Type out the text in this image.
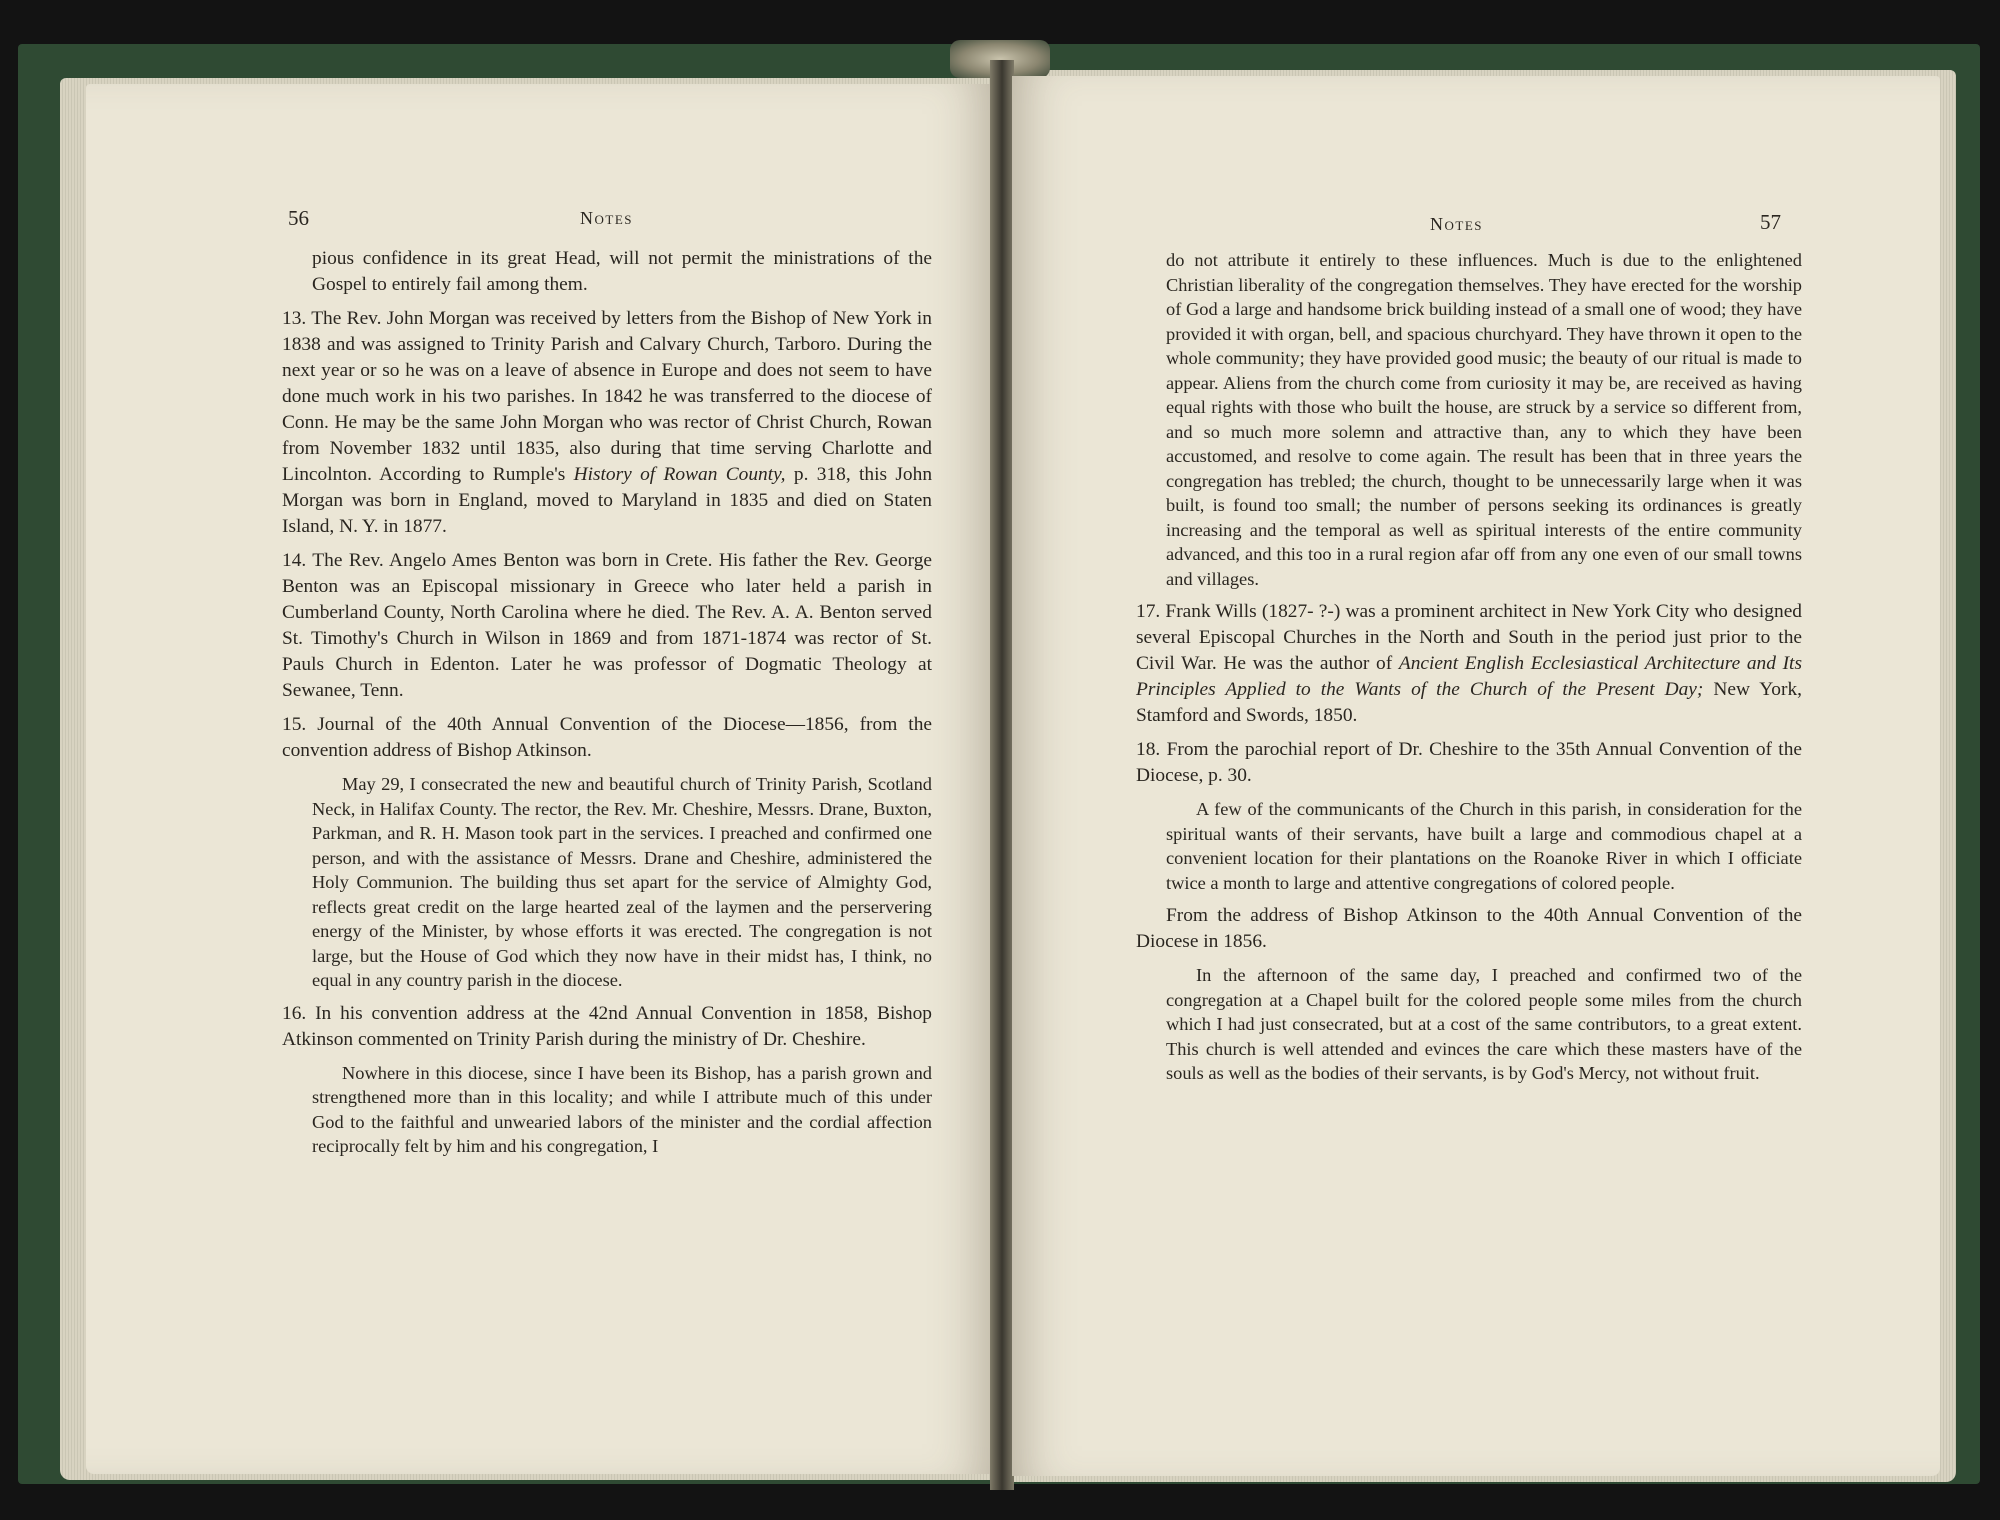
56	Notes

pious confidence in its great Head, will not permit the ministrations of the Gospel to entirely fail among them.

13. The Rev. John Morgan was received by letters from the Bishop of New York in 1838 and was assigned to Trinity Parish and Calvary Church, Tarboro. During the next year or so he was on a leave of absence in Europe and does not seem to have done much work in his two parishes. In 1842 he was transferred to the diocese of Conn. He may be the same John Morgan who was rector of Christ Church, Rowan from November 1832 until 1835, also during that time serving Charlotte and Lincolnton. According to Rumple's History of Rowan County, p. 318, this John Morgan was born in England, moved to Maryland in 1835 and died on Staten Island, N. Y. in 1877.

14. The Rev. Angelo Ames Benton was born in Crete. His father the Rev. George Benton was an Episcopal missionary in Greece who later held a parish in Cumberland County, North Carolina where he died. The Rev. A. A. Benton served St. Timothy's Church in Wilson in 1869 and from 1871-1874 was rector of St. Pauls Church in Edenton. Later he was professor of Dogmatic Theology at Sewanee, Tenn.

15. Journal of the 40th Annual Convention of the Diocese—1856, from the convention address of Bishop Atkinson.

May 29, I consecrated the new and beautiful church of Trinity Parish, Scotland Neck, in Halifax County. The rector, the Rev. Mr. Cheshire, Messrs. Drane, Buxton, Parkman, and R. H. Mason took part in the services. I preached and confirmed one person, and with the assistance of Messrs. Drane and Cheshire, administered the Holy Communion. The building thus set apart for the service of Almighty God, reflects great credit on the large hearted zeal of the laymen and the perservering energy of the Minister, by whose efforts it was erected. The congregation is not large, but the House of God which they now have in their midst has, I think, no equal in any country parish in the diocese.

16. In his convention address at the 42nd Annual Convention in 1858, Bishop Atkinson commented on Trinity Parish during the ministry of Dr. Cheshire.

Nowhere in this diocese, since I have been its Bishop, has a parish grown and strengthened more than in this locality; and while I attribute much of this under God to the faithful and unwearied labors of the minister and the cordial affection reciprocally felt by him and his congregation, I

Notes	57

do not attribute it entirely to these influences. Much is due to the enlightened Christian liberality of the congregation themselves. They have erected for the worship of God a large and handsome brick building instead of a small one of wood; they have provided it with organ, bell, and spacious churchyard. They have thrown it open to the whole community; they have provided good music; the beauty of our ritual is made to appear. Aliens from the church come from curiosity it may be, are received as having equal rights with those who built the house, are struck by a service so different from, and so much more solemn and attractive than, any to which they have been accustomed, and resolve to come again. The result has been that in three years the congregation has trebled; the church, thought to be unnecessarily large when it was built, is found too small; the number of persons seeking its ordinances is greatly increasing and the temporal as well as spiritual interests of the entire community advanced, and this too in a rural region afar off from any one even of our small towns and villages.

17. Frank Wills (1827- ?-) was a prominent architect in New York City who designed several Episcopal Churches in the North and South in the period just prior to the Civil War. He was the author of Ancient English Ecclesiastical Architecture and Its Principles Applied to the Wants of the Church of the Present Day; New York, Stamford and Swords, 1850.

18. From the parochial report of Dr. Cheshire to the 35th Annual Convention of the Diocese, p. 30.

A few of the communicants of the Church in this parish, in consideration for the spiritual wants of their servants, have built a large and commodious chapel at a convenient location for their plantations on the Roanoke River in which I officiate twice a month to large and attentive congregations of colored people.

From the address of Bishop Atkinson to the 40th Annual Convention of the Diocese in 1856.

In the afternoon of the same day, I preached and confirmed two of the congregation at a Chapel built for the colored people some miles from the church which I had just consecrated, but at a cost of the same contributors, to a great extent. This church is well attended and evinces the care which these masters have of the souls as well as the bodies of their servants, is by God's Mercy, not without fruit.
